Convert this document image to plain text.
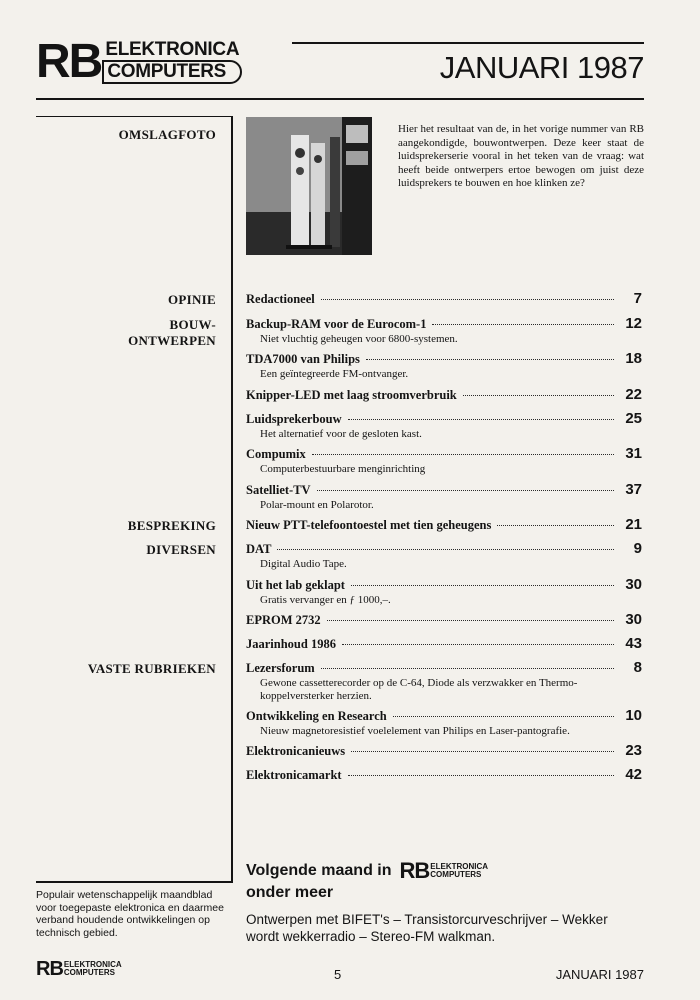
RB ELEKTRONICA
COMPUTERS	JANUARI 1987
OMSLAGFOTO
OPINIE
BOUW-
ONTWERPEN
BESPREKING
DIVERSEN
VASTE RUBRIEKEN
Hier het resultaat van de, in het vorige nummer van RB aangekondigde, bouwontwerpen. Deze keer staat de luidsprekerserie vooral in het teken van de vraag: wat heeft beide ontwerpers ertoe bewogen om juist deze luidsprekers te bouwen en hoe klinken ze?
Redactioneel	7
Backup-RAM voor de Eurocom-1	12
Niet vluchtig geheugen voor 6800-systemen.
TDA7000 van Philips	18
Een geïntegreerde FM-ontvanger.
Knipper-LED met laag stroomverbruik	22
Luidsprekerbouw	25
Het alternatief voor de gesloten kast.
Compumix	31
Computerbestuurbare menginrichting
Satelliet-TV	37
Polar-mount en Polarotor.
Nieuw PTT-telefoontoestel met tien geheugens	21
DAT	9
Digital Audio Tape.
Uit het lab geklapt	30
Gratis vervanger en ƒ 1000,–.
EPROM 2732	30
Jaarinhoud 1986	43
Lezersforum	8
Gewone cassetterecorder op de C-64, Diode als verzwakker en Thermo-koppelversterker herzien.
Ontwikkeling en Research	10
Nieuw magnetoresistief voelelement van Philips en Laser-pantografie.
Elektronicanieuws	23
Elektronicamarkt	42
Volgende maand in RB ELEKTRONICA
COMPUTERS
onder meer
Ontwerpen met BIFET's – Transistorcurveschrijver – Wekker wordt wekkerradio – Stereo-FM walkman.
Populair wetenschappelijk maandblad voor toegepaste elektronica en daarmee verband houdende ontwikkelingen op technisch gebied.
RB ELEKTRONICA
COMPUTERS	5	JANUARI 1987
